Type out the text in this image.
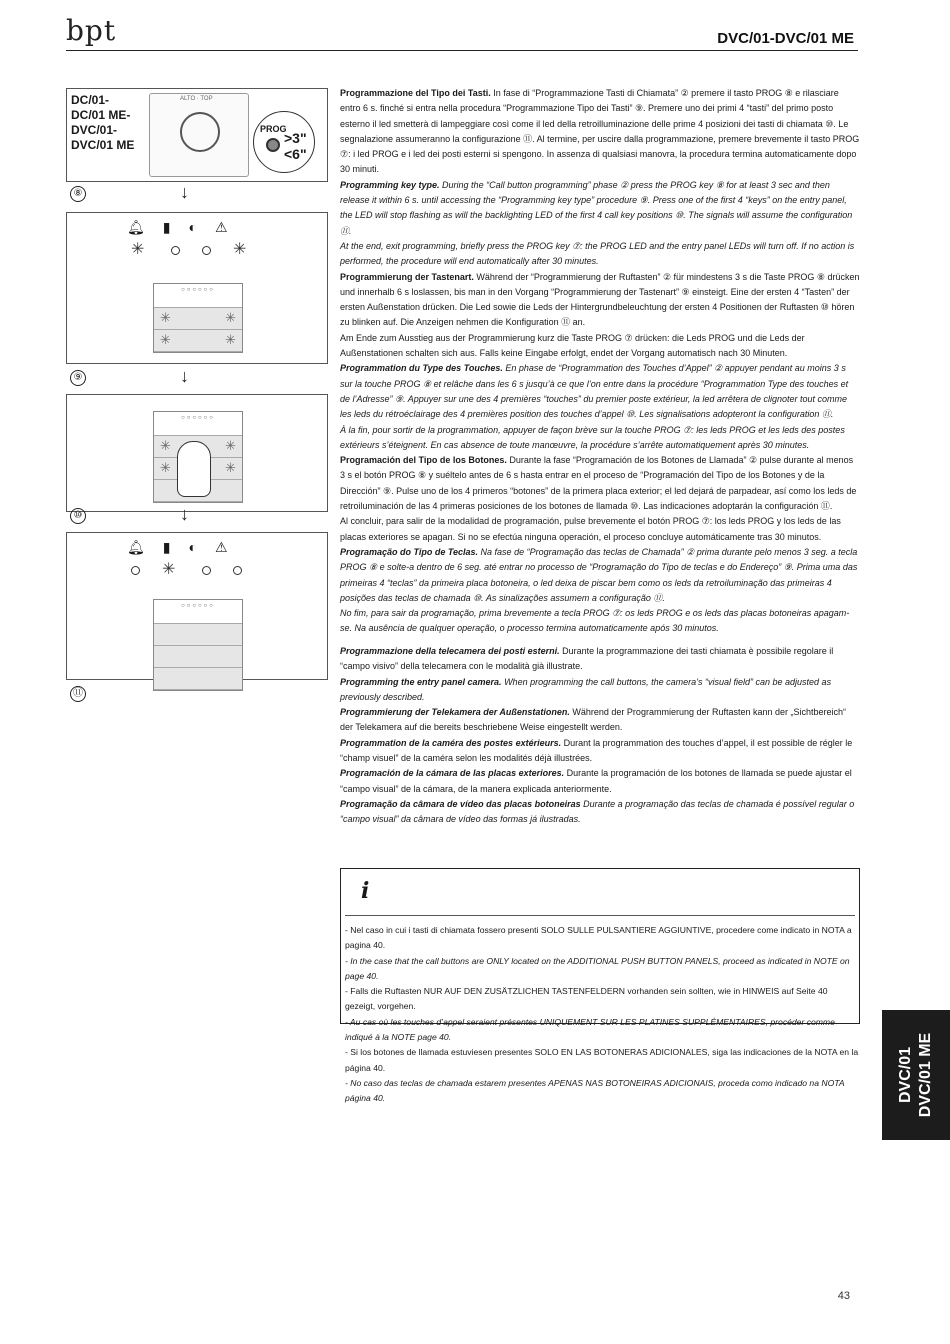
bpt	DVC/01-DVC/01 ME
DVC/01 DVC/01 ME
DC/01-
DC/01 ME-
DVC/01-
DVC/01 ME
ALTO · TOP
PROG
>3"
<6"
⑧	↓
🔔︎ ▮ ◐ ⚠︎
✳
✳
○○○○○○
✳ ✳
✳ ✳
⑨	↓
○○○○○○
✳ ✳
✳ ✳
⑩	↓
🔔︎ ▮ ◐ ⚠︎
✳
○○○○○○
⑪

Programmazione del Tipo dei Tasti. In fase di “Programmazione Tasti di Chiamata” ② premere il tasto PROG ⑧ e rilasciare entro 6 s. finché si entra nella procedura “Programmazione Tipo dei Tasti” ⑨. Premere uno dei primi 4 “tasti” del primo posto esterno il led smetterà di lampeggiare così come il led della retroilluminazione delle prime 4 posizioni dei tasti di chiamata ⑩. Le segnalazione assumeranno la configurazione ⑪. Al termine, per uscire dalla programmazione, premere brevemente il tasto PROG ⑦: i led PROG e i led dei posti esterni si spengono. In assenza di qualsiasi manovra, la procedura termina automaticamente dopo 30 minuti.

Programming key type. During the “Call button programming” phase ② press the PROG key ⑧ for at least 3 sec and then release it within 6 s. until accessing the “Programming key type” procedure ⑨. Press one of the first 4 “keys” on the entry panel, the LED will stop flashing as will the backlighting LED of the first 4 call key positions ⑩. The signals will assume the configuration ⑪.

At the end, exit programming, briefly press the PROG key ⑦: the PROG LED and the entry panel LEDs will turn off. If no action is performed, the procedure will end automatically after 30 minutes.

Programmierung der Tastenart. Während der “Programmierung der Ruftasten” ② für mindestens 3 s die Taste PROG ⑧ drücken und innerhalb 6 s loslassen, bis man in den Vorgang “Programmierung der Tastenart” ⑨ einsteigt. Eine der ersten 4 “Tasten” der ersten Außenstation drücken. Die Led sowie die Leds der Hintergrundbeleuchtung der ersten 4 Positionen der Ruftasten ⑩ hören zu blinken auf. Die Anzeigen nehmen die Konfiguration ⑪ an.

Am Ende zum Ausstieg aus der Programmierung kurz die Taste PROG ⑦ drücken: die Leds PROG und die Leds der Außenstationen schalten sich aus. Falls keine Eingabe erfolgt, endet der Vorgang automatisch nach 30 Minuten.

Programmation du Type des Touches. En phase de “Programmation des Touches d’Appel” ② appuyer pendant au moins 3 s sur la touche PROG ⑧ et relâche dans les 6 s jusqu’à ce que l’on entre dans la procédure “Programmation Type des touches et de l’Adresse” ⑨. Appuyer sur une des 4 premières “touches” du premier poste extérieur, la led arrêtera de clignoter tout comme les leds du rétroéclairage des 4 premières position des touches d’appel ⑩. Les signalisations adopteront la configuration ⑪.

À la fin, pour sortir de la programmation, appuyer de façon brève sur la touche PROG ⑦: les leds PROG et les leds des postes extérieurs s’éteignent. En cas absence de toute manœuvre, la procédure s’arrête automatiquement après 30 minutes.

Programación del Tipo de los Botones. Durante la fase “Programación de los Botones de Llamada” ② pulse durante al menos 3 s el botón PROG ⑧ y suéltelo antes de 6 s hasta entrar en el proceso de “Programación del Tipo de los Botones y de la Dirección” ⑨. Pulse uno de los 4 primeros “botones” de la primera placa exterior; el led dejará de parpadear, así como los leds de retroiluminación de las 4 primeras posiciones de los botones de llamada ⑩. Las indicaciones adoptarán la configuración ⑪.

Al concluir, para salir de la modalidad de programación, pulse brevemente el botón PROG ⑦: los leds PROG y los leds de las placas exteriores se apagan. Si no se efectúa ninguna operación, el proceso concluye automáticamente tras 30 minutos.

Programação do Tipo de Teclas. Na fase de “Programação das teclas de Chamada” ② prima durante pelo menos 3 seg. a tecla PROG ⑧ e solte-a dentro de 6 seg. até entrar no processo de “Programação do Tipo de teclas e do Endereço” ⑨. Prima uma das primeiras 4 “teclas” da primeira placa botoneira, o led deixa de piscar bem como os leds da retroiluminação das primeiras 4 posições das teclas de chamada ⑩. As sinalizações assumem a configuração ⑪.

No fim, para sair da programação, prima brevemente a tecla PROG ⑦: os leds PROG e os leds das placas botoneiras apagam-se. Na ausência de qualquer operação, o processo termina automaticamente após 30 minutos.

Programmazione della telecamera dei posti esterni. Durante la programmazione dei tasti chiamata è possibile regolare il “campo visivo” della telecamera con le modalità già illustrate.

Programming the entry panel camera. When programming the call buttons, the camera’s “visual field” can be adjusted as previously described.

Programmierung der Telekamera der Außenstationen. Während der Programmierung der Ruftasten kann der „Sichtbereich“ der Telekamera auf die bereits beschriebene Weise eingestellt werden.

Programmation de la caméra des postes extérieurs. Durant la programmation des touches d’appel, il est possible de régler le “champ visuel” de la caméra selon les modalités déjà illustrées.

Programación de la cámara de las placas exteriores. Durante la programación de los botones de llamada se puede ajustar el “campo visual” de la cámara, de la manera explicada anteriormente.

Programação da câmara de vídeo das placas botoneiras Durante a programação das teclas de chamada é possível regular o “campo visual” da câmara de vídeo das formas já ilustradas.

i
- Nel caso in cui i tasti di chiamata fossero presenti SOLO SULLE PULSANTIERE AGGIUNTIVE, procedere come indicato in NOTA a pagina 40.
- In the case that the call buttons are ONLY located on the ADDITIONAL PUSH BUTTON PANELS, proceed as indicated in NOTE on page 40.
- Falls die Ruftasten NUR AUF DEN ZUSÄTZLICHEN TASTENFELDERN vorhanden sein sollten, wie in HINWEIS auf Seite 40 gezeigt, vorgehen.
- Au cas où les touches d’appel seraient présentes UNIQUEMENT SUR LES PLATINES SUPPLÉMENTAIRES, procéder comme indiqué à la NOTE page 40.
- Si los botones de llamada estuviesen presentes SOLO EN LAS BOTONERAS ADICIONALES, siga las indicaciones de la NOTA en la página 40.
- No caso das teclas de chamada estarem presentes APENAS NAS BOTONEIRAS ADICIONAIS, proceda como indicado na NOTA página 40.
43
